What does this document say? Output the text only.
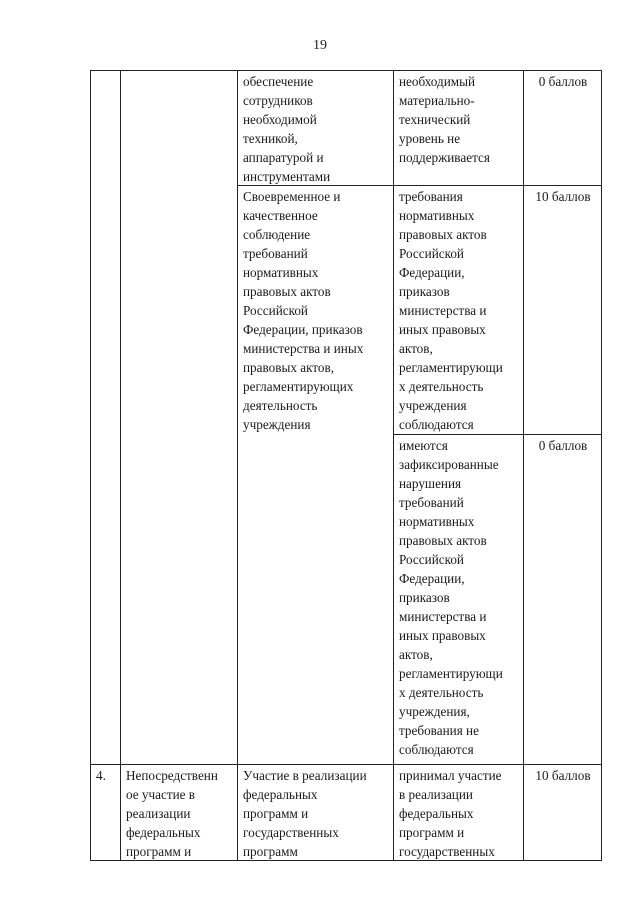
19
обеспечение
сотрудников
необходимой
техникой,
аппаратурой и
инструментами
необходимый
материально-
технический
уровень не
поддерживается
0 баллов
Своевременное и
качественное
соблюдение
требований
нормативных
правовых актов
Российской
Федерации, приказов
министерства и иных
правовых актов,
регламентирующих
деятельность
учреждения
требования
нормативных
правовых актов
Российской
Федерации,
приказов
министерства и
иных правовых
актов,
регламентирующи
х деятельность
учреждения
соблюдаются
10 баллов
имеются
зафиксированные
нарушения
требований
нормативных
правовых актов
Российской
Федерации,
приказов
министерства и
иных правовых
актов,
регламентирующи
х деятельность
учреждения,
требования не
соблюдаются
0 баллов
4.	Непосредственн
ое участие в
реализации
федеральных
программ и
Участие в реализации
федеральных
программ и
государственных
программ
принимал участие
в реализации
федеральных
программ и
государственных
10 баллов
